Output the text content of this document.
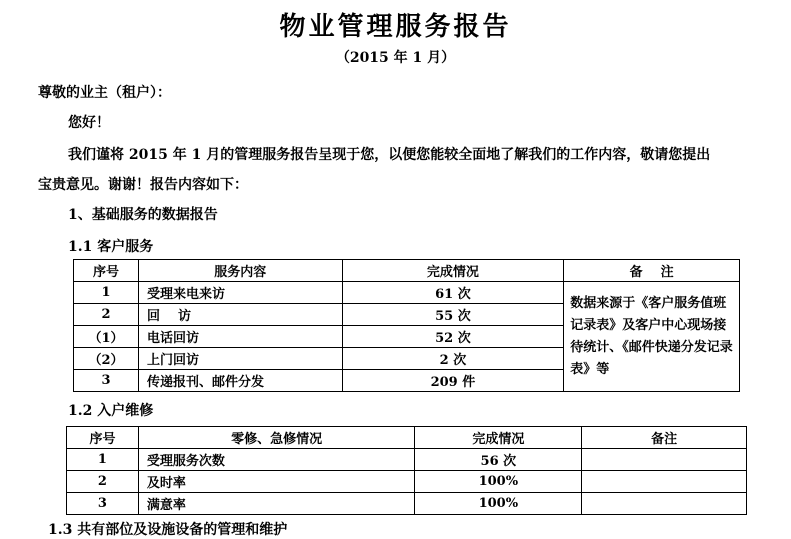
物业管理服务报告
（2015 年 1 月）
尊敬的业主（租户）：
您好！
我们谨将 2015 年 1 月的管理服务报告呈现于您，以便您能较全面地了解我们的工作内容，敬请您提出
宝贵意见。谢谢！报告内容如下：
1、基础服务的数据报告
1.1 客户服务
序号	服务内容	完成情况	备    注
1	受理来电来访	61 次	数据来源于《客户服务值班记录表》及客户中心现场接待统计、《邮件快递分发记录表》等
2	回    访	55 次	
（1）	电话回访	52 次	
（2）	上门回访	2 次	
3	传递报刊、邮件分发	209 件	
1.2 入户维修
序号	零修、急修情况	完成情况	备注
1	受理服务次数	56 次	
2	及时率	100%	
3	满意率	100%	
1.3 共有部位及设施设备的管理和维护
